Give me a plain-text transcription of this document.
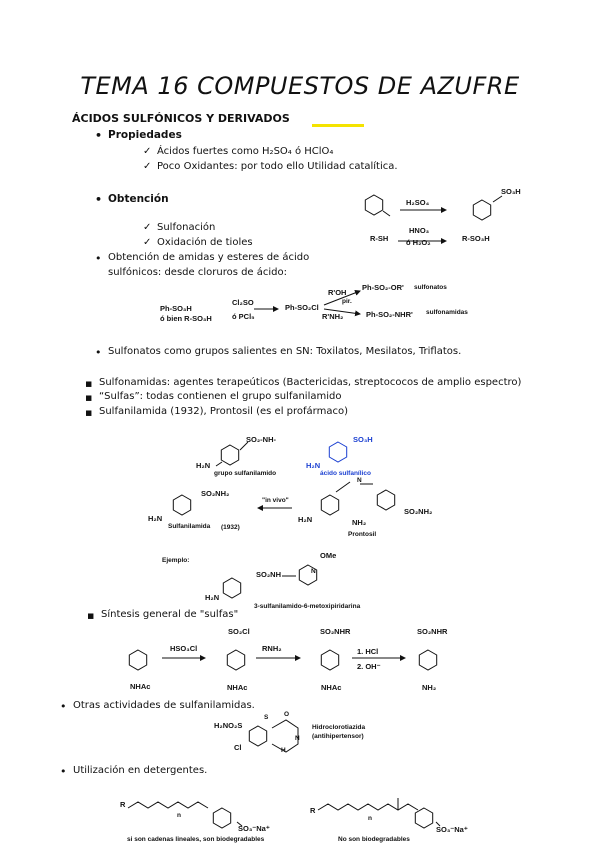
TEMA 16 COMPUESTOS DE AZUFRE
ÁCIDOS SULFÓNICOS Y DERIVADOS
• Propiedades
✓ Ácidos fuertes como H₂SO₄ ó HClO₄
✓ Poco Oxidantes: por todo ello Utilidad catalítica.
• Obtención
✓ Sulfonación
✓ Oxidación de tioles
H₂SO₄
SO₃H
R-SH
HNO₃
ó H₂O₂	R-SO₃H
• Obtención de amidas y esteres de ácido
sulfónicos: desde cloruros de ácido:
Ph-SO₃H
ó bien R-SO₃H
Cl₂SO
ó PCl₅
Ph-SO₂Cl
R'OH
pir.
R'NH₂
Ph-SO₂-OR' sulfonatos
Ph-SO₂-NHR' sulfonamidas
• Sulfonatos como grupos salientes en SN: Toxilatos, Mesilatos, Triflatos.
▪ Sulfonamidas: agentes terapeúticos (Bactericidas, streptococos de amplio espectro)
▪ “Sulfas”: todas contienen el grupo sulfanilamido
▪ Sulfanilamida (1932), Prontosil (es el profármaco)
SO₂-NH-
H₂N
grupo sulfanilamido
SO₃H
H₂N
ácido sulfanílico
SO₂NH₂
H₂N
Sulfanilamida (1932)
"in vivo"
N
H₂N	NH₂
SO₂NH₂
Prontosil
Ejemplo:
OMe
N
SO₂NH
H₂N
3-sulfanilamido-6-metoxipiridarina
▪ Síntesis general de "sulfas"
NHAc
HSO₃Cl
SO₂Cl
NHAc
RNH₂
SO₂NHR
NHAc
1. HCl
2. OH⁻
SO₂NHR
NH₂
• Otras actividades de sulfanilamidas.
H₂NO₂S
Cl	H
O
S
N
Hidroclorotiazida
(antihipertensor)
• Utilización en detergentes.
R
n
SO₃⁻Na⁺
R
n
SO₃⁻Na⁺
si son cadenas lineales, son biodegradables	No son biodegradables
